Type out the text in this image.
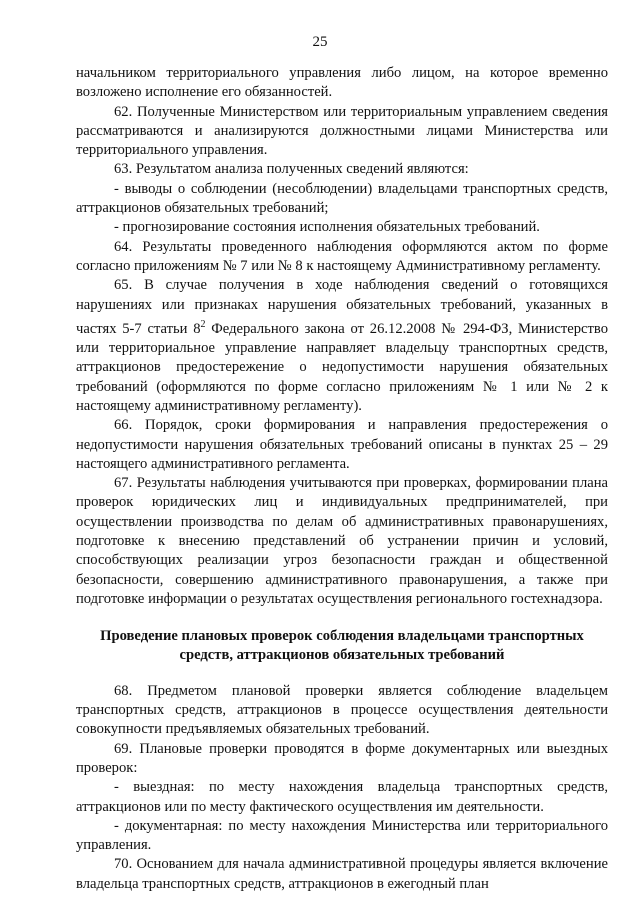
25

начальником территориального управления либо лицом, на которое временно возложено исполнение его обязанностей.

62. Полученные Министерством или территориальным управлением сведения рассматриваются и анализируются должностными лицами Министерства или территориального управления.

63. Результатом анализа полученных сведений являются:

- выводы о соблюдении (несоблюдении) владельцами транспортных средств, аттракционов обязательных требований;

- прогнозирование состояния исполнения обязательных требований.

64. Результаты проведенного наблюдения оформляются актом по форме согласно приложениям № 7 или № 8 к настоящему Административному регламенту.

65. В случае получения в ходе наблюдения сведений о готовящихся нарушениях или признаках нарушения обязательных требований, указанных в частях 5-7 статьи $8^2$ Федерального закона от 26.12.2008 № 294-ФЗ, Министерство или территориальное управление направляет владельцу транспортных средств, аттракционов предостережение о недопустимости нарушения обязательных требований (оформляются по форме согласно приложениям № 1 или № 2 к настоящему административному регламенту).

66. Порядок, сроки формирования и направления предостережения о недопустимости нарушения обязательных требований описаны в пунктах 25 – 29 настоящего административного регламента.

67. Результаты наблюдения учитываются при проверках, формировании плана проверок юридических лиц и индивидуальных предпринимателей, при осуществлении производства по делам об административных правонарушениях, подготовке к внесению представлений об устранении причин и условий, способствующих реализации угроз безопасности граждан и общественной безопасности, совершению административного правонарушения, а также при подготовке информации о результатах осуществления регионального гостехнадзора.

Проведение плановых проверок соблюдения владельцами транспортных средств, аттракционов обязательных требований

68. Предметом плановой проверки является соблюдение владельцем транспортных средств, аттракционов в процессе осуществления деятельности совокупности предъявляемых обязательных требований.

69. Плановые проверки проводятся в форме документарных или выездных проверок:

- выездная: по месту нахождения владельца транспортных средств, аттракционов или по месту фактического осуществления им деятельности.

- документарная: по месту нахождения Министерства или территориального управления.

70. Основанием для начала административной процедуры является включение владельца транспортных средств, аттракционов в ежегодный план
